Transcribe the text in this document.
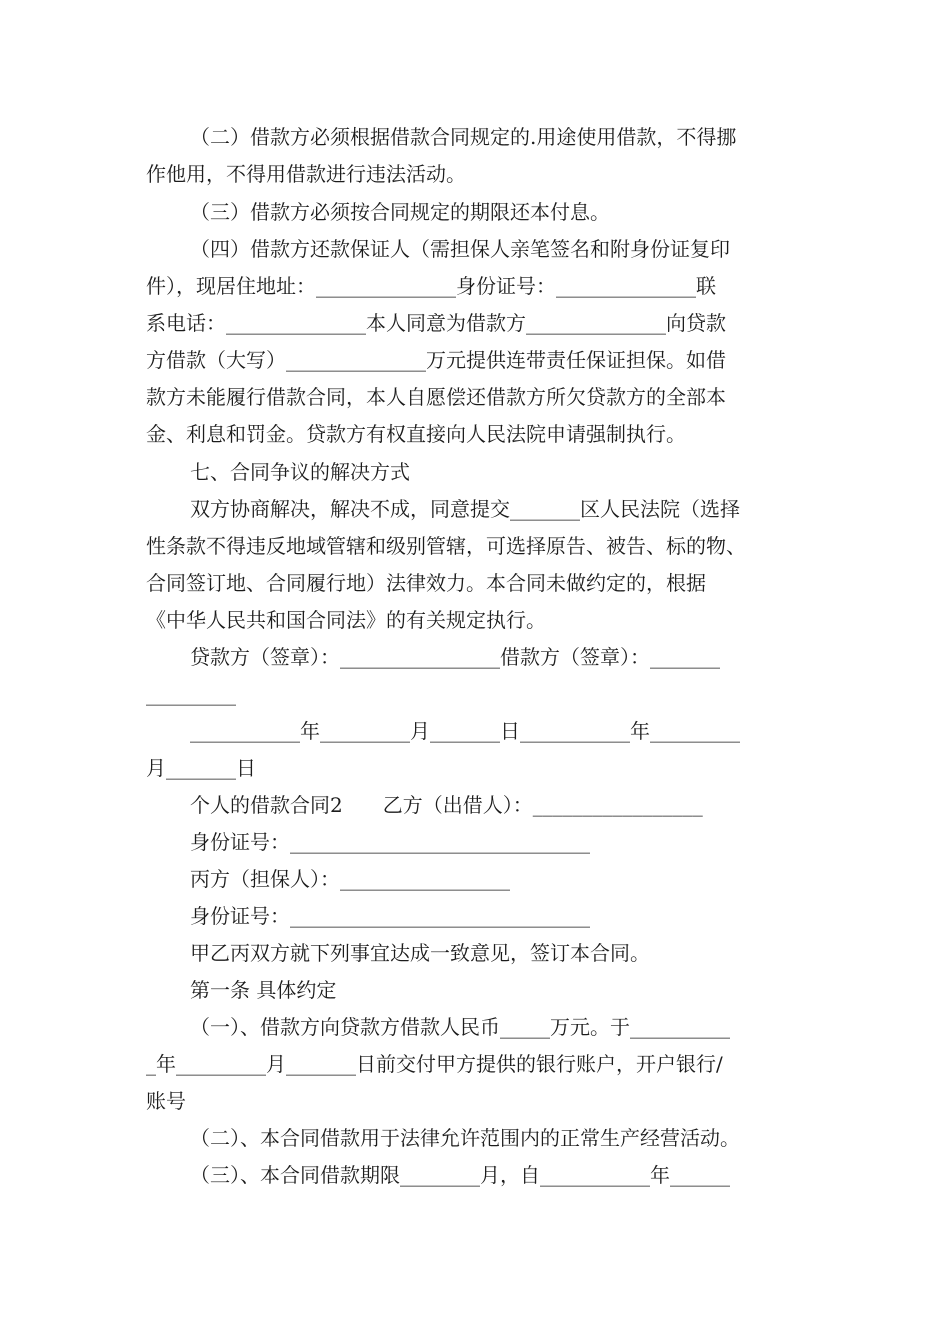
（二）借款方必须根据借款合同规定的.用途使用借款，不得挪
作他用，不得用借款进行违法活动。
（三）借款方必须按合同规定的期限还本付息。
（四）借款方还款保证人（需担保人亲笔签名和附身份证复印
件），现居住地址：______________身份证号：______________联
系电话：______________本人同意为借款方______________向贷款
方借款（大写）______________万元提供连带责任保证担保。如借
款方未能履行借款合同，本人自愿偿还借款方所欠贷款方的全部本
金、利息和罚金。贷款方有权直接向人民法院申请强制执行。
七、合同争议的解决方式
双方协商解决，解决不成，同意提交_______区人民法院（选择
性条款不得违反地域管辖和级别管辖，可选择原告、被告、标的物、
合同签订地、合同履行地）法律效力。本合同未做约定的，根据
《中华人民共和国合同法》的有关规定执行。
贷款方（签章）：________________借款方（签章）：_______
_________
___________年_________月_______日___________年_________
月_______日
个人的借款合同2　　乙方（出借人）：_________________
身份证号：______________________________
丙方（担保人）：_________________
身份证号：______________________________
甲乙丙双方就下列事宜达成一致意见，签订本合同。
第一条 具体约定
（一）、借款方向贷款方借款人民币_____万元。于__________
_年_________月_______日前交付甲方提供的银行账户，开户银行/
账号
（二）、本合同借款用于法律允许范围内的正常生产经营活动。
（三）、本合同借款期限________月，自___________年______
